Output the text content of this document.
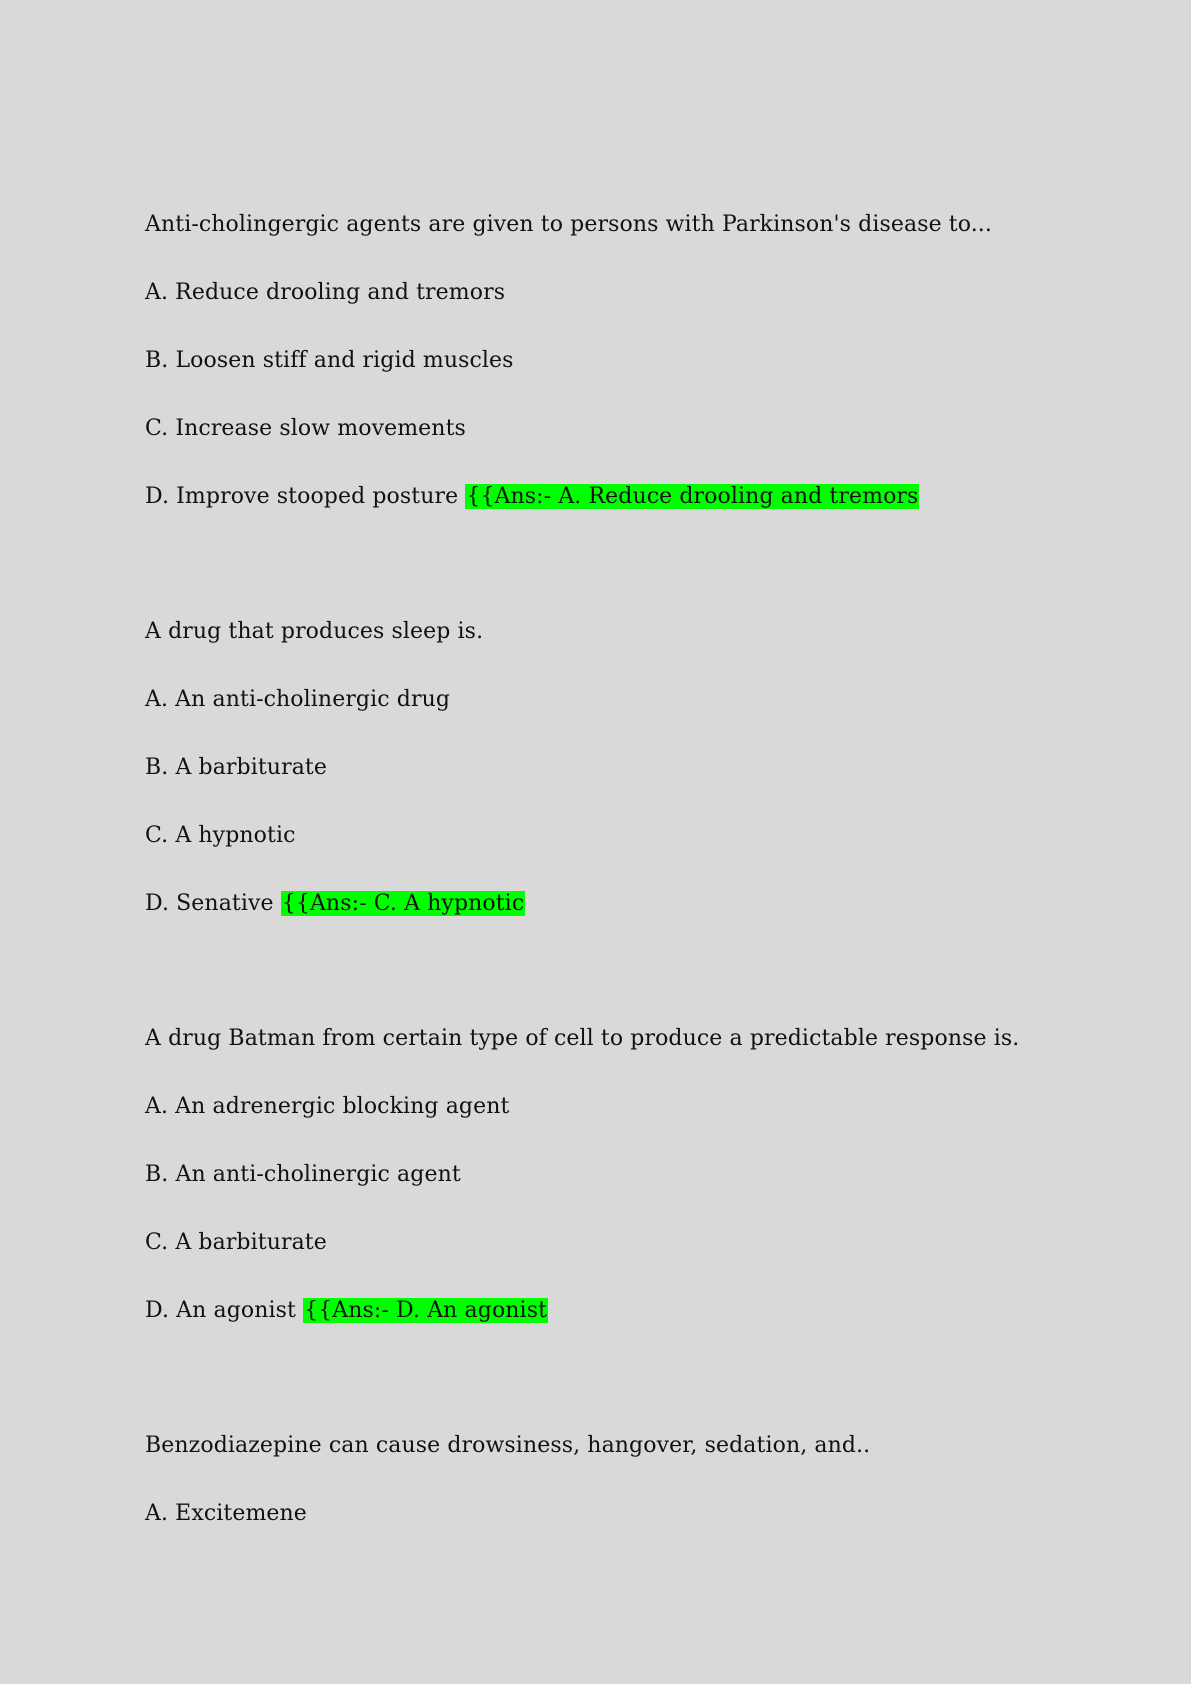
Anti-cholingergic agents are given to persons with Parkinson's disease to...
A. Reduce drooling and tremors
B. Loosen stiff and rigid muscles
C. Increase slow movements
D. Improve stooped posture {{Ans:- A. Reduce drooling and tremors
A drug that produces sleep is.
A. An anti-cholinergic drug
B. A barbiturate
C. A hypnotic
D. Senative {{Ans:- C. A hypnotic
A drug Batman from certain type of cell to produce a predictable response is.
A. An adrenergic blocking agent
B. An anti-cholinergic agent
C. A barbiturate
D. An agonist {{Ans:- D. An agonist
Benzodiazepine can cause drowsiness, hangover, sedation, and..
A. Excitemene
